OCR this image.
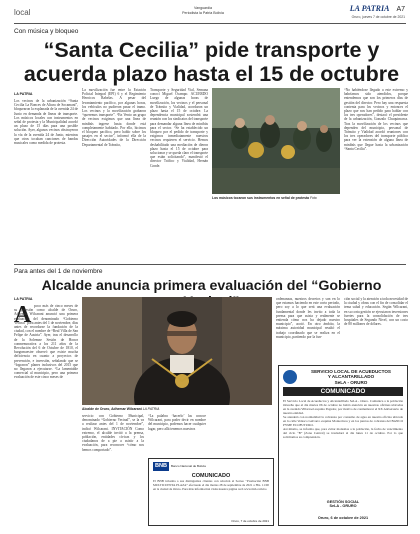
local	Vanguardia
Periodista la Patria Bolivia	LA PATRIA A7
Oruro, jueves 7 de octubre de 2021
Con música y bloqueo
“Santa Cecilia” pide transporte y acuerda plazo hasta el 15 de octubre
LA PATRIA
Los vecinos de la urbanización “Santa Cecilia La Bonces de Altura de Socamani”, bloquearon la explanada de la avenida 24 de Junio en demanda de líneas de transporte. Los músicos locales con instrumentos en señal de protesta y la Municipalidad acordó un plazo de 15 días para una posible solución. Ayer, algunos vecinos obstruyeron la vía de la avenida 24 de Junio, mientras que otros tocaban canciones de bandas musicales como medida de protesta.
La movilización fue entre la Estación Policial Integral (EPI) 6 y el Regimiento Heroicos Rabelas. A pesar del levantamiento pacífico, por algunas horas, los vehículos no pudieron pasar el tramo. Los vecinos y la movilización grabaron “queremos transporte”. “En Vento un grupo de vecinos exigimos que una línea de minibús ingrese hasta donde está completamente habitado. Por ello, hicimos el bloqueo pacífico, pero hablo sobre los pasajes en el sector”, informó ella de la Dirección Autoridades de la Dirección Departamental de Tránsito,
Transporte y Seguridad Vial, Semana conocí Miguel Ocampo. ACUERDO Luego de algunas horas de movilización, los vecinos y el personal de Tránsito y Vialidad, acordaron un plazo hasta el 15 de octubre. La dependencia municipal sostendrá una reunión con los sindicatos del transporte para demandar alguna línea de minibús para el sector. “Se ha establecido un bloqueo por el pedido de transporte y exigimos inmediatamente nuestros vecinos requieren el servicio. Hemos deshabilitado una mediación de dieron plazo hasta el 15 de octubre para solucionar y se queda claro el transporte que están solicitando”, manifestó el director Tráfico y Vialidad, Hernán Conde.
Los músicos tocaron sus instrumentos en señal de protesta Foto
“No habiéndose llegado a este extremo y habríamos sido atendidos, porque entendemos que son los primeros días de gestión del director. Pero hay una respuesta contenta para los vecinos y entonces el plazo que nos han pedido para hablar con los tres operadores”, destacó el presidente de la urbanización, Gonzalo Chuquimarca. Tras la movilización de los vecinos que dependen del municipio, personal de Tránsito y Vialidad acordó reuniones con los tres operadores del transporte público para ver la extensión de alguna línea de minibús que llegue hasta la urbanización “Santa Cecilia”.
Para antes del 1 de noviembre
Alcalde anuncia primera evaluación del “Gobierno
LA PATRIA
A poco más de cinco meses de su posesión como alcalde de Oruro, Adhemar Wilcarani anunció una primera evaluación del denominado “Gobierno Vecinal” para antes del 1 de noviembre, días antes de recordarse la fundación de la ciudad, con el nombre de “Real Villa de San Felipe de Austria”. Ayer, tras el desarrollo de la Solemne Sesión de Honor conmemorativa a los 211 años de la Revolución del 6 de Octubre de 1810, el burgomaestre observó que existe mucha deficiencia en cuanto a proyectos de prevención, e inversión, señalando que se “lograron” planes inclusivos del 2015 que no llegaron a ejecutarse. “La lamentable comercial al municipio, pero una primera evaluación de este cinco meses de
Alcalde de Oruro, Adhemar Wilcarani LA PATRIA
servicio con Gobierno Municipal, denominado “Gobierno Vecinal”, se la va a realizar antes del 1 de noviembre”, indicó Wilcarani. INVITACIÓN Como extremo, el alcalde invitó a la prensa, población, entidades cívicas y los ciudadanos de a pie a asistir a la evaluación, para reconocer “cómo nos hemos comportado”.
“La palabra ‘hacerlo’ las conoce Wilcarani, para poder decir en nombre del municipio, podemos hacer cualquier lugar, pero allá tenemos nuestros
ordenanzas, nuestros decretos y son en lo que estamos haciendo en este corto periodo, pero soy a lo que será una evaluación fundamental donde les invito a toda la prensa para que asista y realmente se entienda cómo nos ha dejado nuestro municipio”, acotó. En otro ámbito, la máxima autoridad municipal resaltó el trabajo coordinado que se realiza en el municipio, partiendo por la fun-
ción social y la atención a toda necesidad de la ciudad y obras con el fin de consolidar el tema salud y educación. Según Wilcarani, en su corta gestión se ejecutaron inversiones fuertes para la consolidación de tres hospitales de Segundo Nivel, con un costo de 80 millones de dólares.
BNB	Banco Nacional de Bolivia
COMUNICADO
El BNB informa a sus distinguidos clientes con relación al Sorteo “Promoción BNB MULTICUENTA PLAZA” efectuado el día martes 28 de septiembre de 2021 a Hrs. 11:00 en la ciudad de Oruro. Para más información visita nuestra página web www.bnb.com.bo
Oruro, 7 de octubre de 2021
SERVICIO LOCAL DE ACUEDUCTOS
Y ALCANTARILLADO
SeLA - ORURO
COMUNICADO
El Servicio Local de Acueductos y Alcantarillado SeLA - Oruro. Comunica a la población Orureña que el día martes 06 de octubre no habrá atención en nuestras oficinas ubicadas en la avenida Villarroel esquina Pagador, por motivo de conmemorar el XX Aniversario de nuestra entidad.
Se atenderá con normalidad la cobranza por consumo de agua en nuestra oficina ubicada en la calle Velasco Galvarro esquina Montecinos y en los puntos de cobranza del BANCO PYME ECOFUTURO.
Así mismo, se informa que, para evitar molestias a la población, la fecha de vencimiento del ciclo “B” (Zona Central) se trasladará al día lunes 11 de octubre. Por lo que solicitamos su comprensión.
GESTIÓN SOCIAL
SeLA - ORURO
Oruro, 6 de octubre de 2021
